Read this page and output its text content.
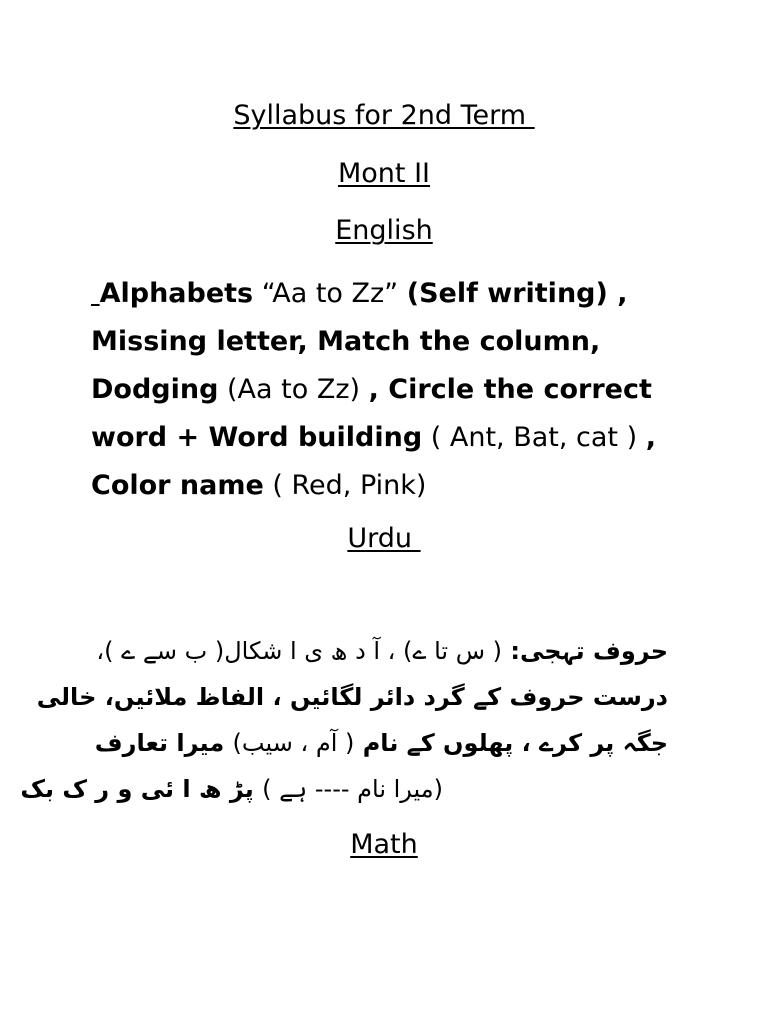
Syllabus for 2nd Term
Mont II
English
Alphabets “Aa to Zz” (Self writing) , Missing letter, Match the column, Dodging (Aa to Zz) , Circle the correct word + Word building ( Ant, Bat, cat ) , Color name ( Red, Pink)
Urdu
حروف تہجی: ( س تا ے) ، آ د ھ ی ا شکال( ب سے ے )،
درست حروف کے گرد دائر لگائیں ، الفاظ ملائیں، خالی
جگہ پر کرے ، پھلوں کے نام ( آم ، سیب) میرا تعارف
(میرا نام ---- ہے ) پڑ ھ ا ئی و ر ک بک
Math
